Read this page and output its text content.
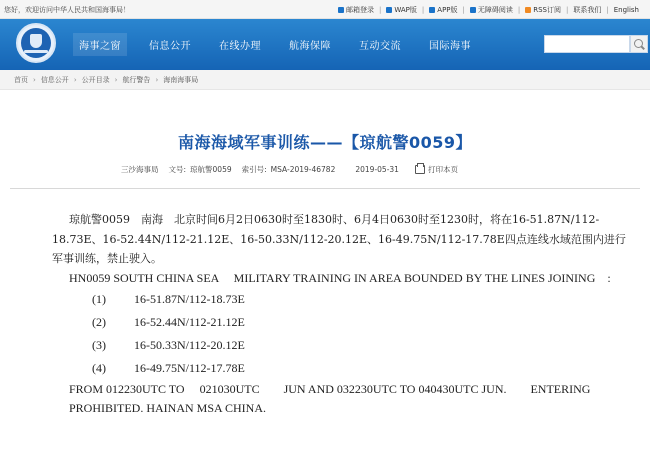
您好，欢迎访问中华人民共和国海事局！	邮箱登录 | WAP版 | APP版 | 无障碍阅读 | RSS订阅 | 联系我们 | English
海事之窗	信息公开	在线办理	航海保障	互动交流	国际海事
首页 › 信息公开 › 公开目录 › 航行警告 › 海南海事局
南海海域军事训练——【琼航警0059】
三沙海事局 文号: 琼航警0059 索引号: MSA-2019-46782	2019-05-31	打印本页

琼航警0059　南海　北京时间6月2日0630时至1830时、6月4日0630时至1230时，将在16-51.87N/112-18.73E、16-52.44N/112-21.12E、16-50.33N/112-20.12E、16-49.75N/112-17.78E四点连线水域范围内进行军事训练，禁止驶入。

HN0059 SOUTH CHINA SEA　 MILITARY TRAINING IN AREA BOUNDED BY THE LINES JOINING　:

(1)	16-51.87N/112-18.73E
(2)	16-52.44N/112-21.12E
(3)	16-50.33N/112-20.12E
(4)	16-49.75N/112-17.78E

FROM 012230UTC TO　 021030UTC　　JUN AND 032230UTC TO 040430UTC JUN.　　ENTERING PROHIBITED. HAINAN MSA CHINA.
